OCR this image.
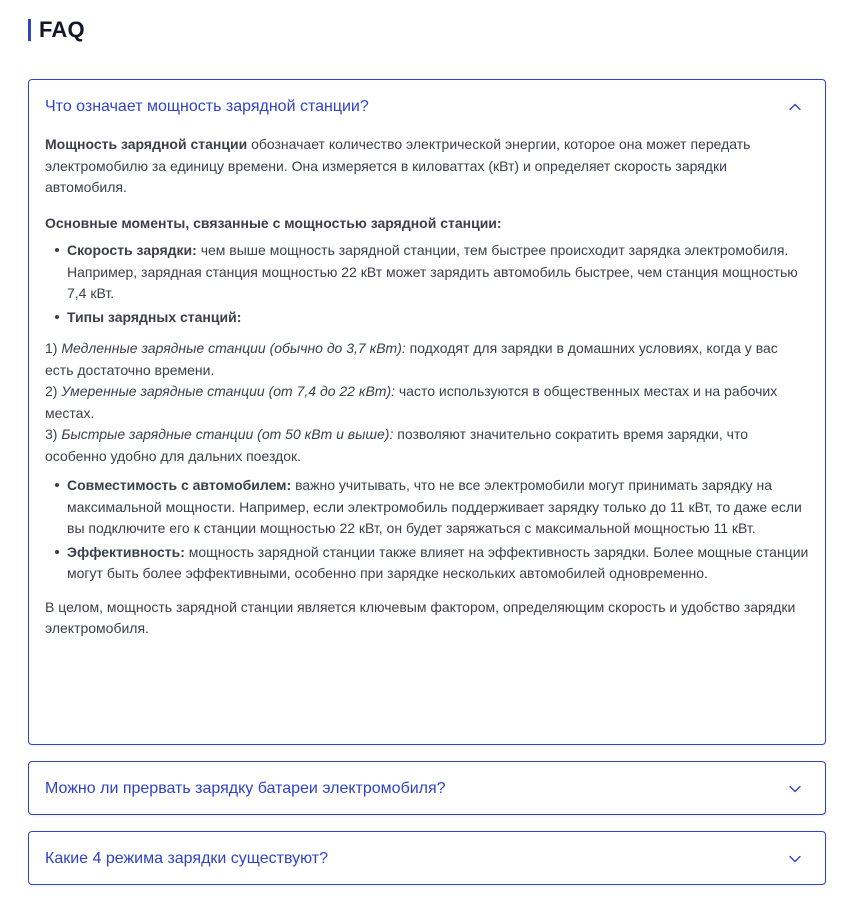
FAQ
Что означает мощность зарядной станции?

Мощность зарядной станции обозначает количество электрической энергии, которое она может передать электромобилю за единицу времени. Она измеряется в киловаттах (кВт) и определяет скорость зарядки автомобиля.

Основные моменты, связанные с мощностью зарядной станции:

Скорость зарядки: чем выше мощность зарядной станции, тем быстрее происходит зарядка электромобиля. Например, зарядная станция мощностью 22 кВт может зарядить автомобиль быстрее, чем станция мощностью 7,4 кВт.
Типы зарядных станций:

1) Медленные зарядные станции (обычно до 3,7 кВт): подходят для зарядки в домашних условиях, когда у вас есть достаточно времени.

2) Умеренные зарядные станции (от 7,4 до 22 кВт): часто используются в общественных местах и на рабочих местах.

3) Быстрые зарядные станции (от 50 кВт и выше): позволяют значительно сократить время зарядки, что особенно удобно для дальних поездок.

Совместимость с автомобилем: важно учитывать, что не все электромобили могут принимать зарядку на максимальной мощности. Например, если электромобиль поддерживает зарядку только до 11 кВт, то даже если вы подключите его к станции мощностью 22 кВт, он будет заряжаться с максимальной мощностью 11 кВт.
Эффективность: мощность зарядной станции также влияет на эффективность зарядки. Более мощные станции могут быть более эффективными, особенно при зарядке нескольких автомобилей одновременно.

В целом, мощность зарядной станции является ключевым фактором, определяющим скорость и удобство зарядки электромобиля.

Можно ли прервать зарядку батареи электромобиля?
Какие 4 режима зарядки существуют?
